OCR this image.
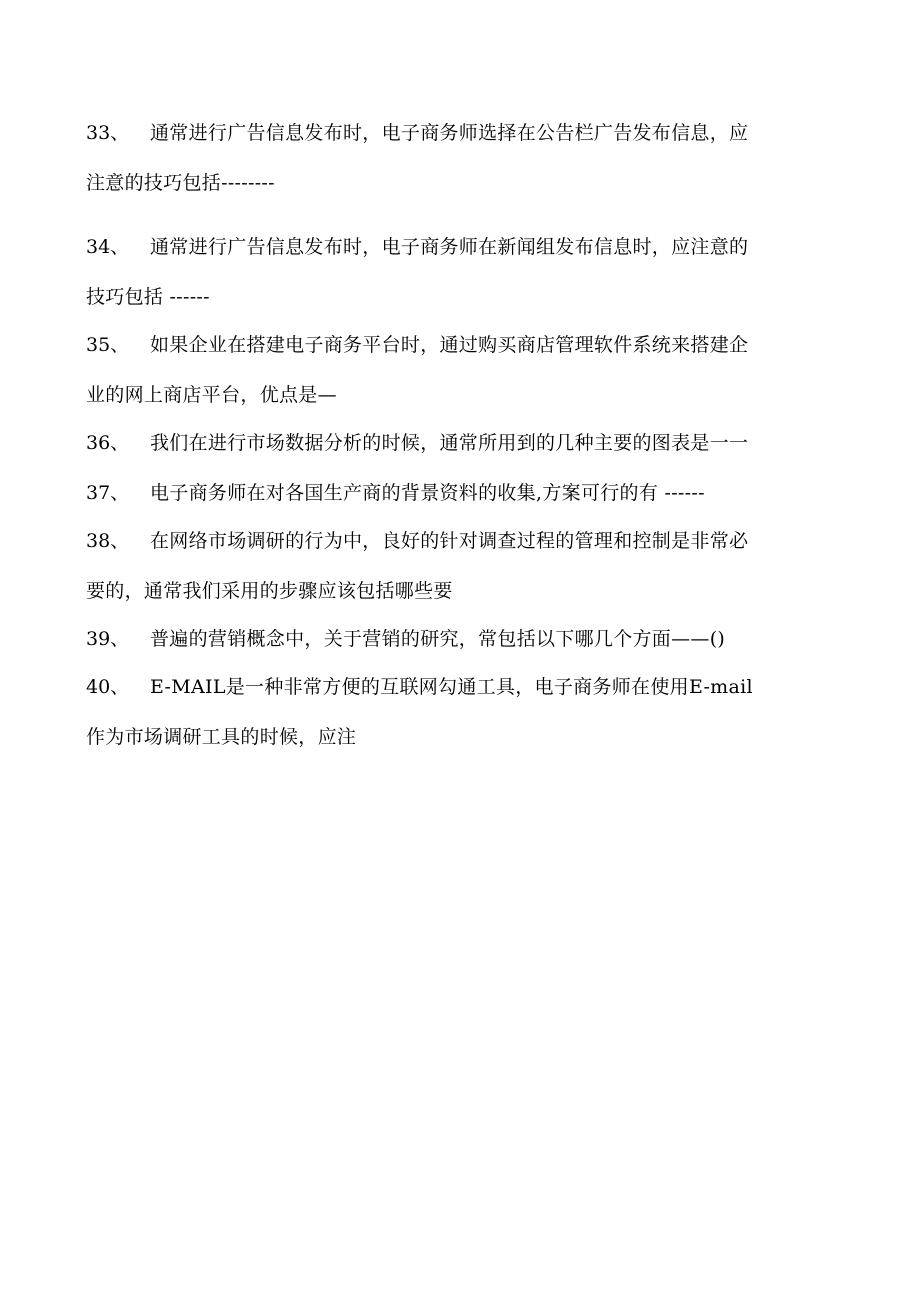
33、 通常进行广告信息发布时，电子商务师选择在公告栏广告发布信息，应
注意的技巧包括--------
34、 通常进行广告信息发布时，电子商务师在新闻组发布信息时，应注意的
技巧包括 ------
35、 如果企业在搭建电子商务平台时，通过购买商店管理软件系统来搭建企
业的网上商店平台，优点是—
36、 我们在进行市场数据分析的时候，通常所用到的几种主要的图表是一一
37、 电子商务师在对各国生产商的背景资料的收集,方案可行的有 ------
38、 在网络市场调研的行为中，良好的针对调查过程的管理和控制是非常必
要的，通常我们采用的步骤应该包括哪些要
39、 普遍的营销概念中，关于营销的研究，常包括以下哪几个方面——()
40、 E-MAIL是一种非常方便的互联网勾通工具，电子商务师在使用E-mail
作为市场调研工具的时候，应注
